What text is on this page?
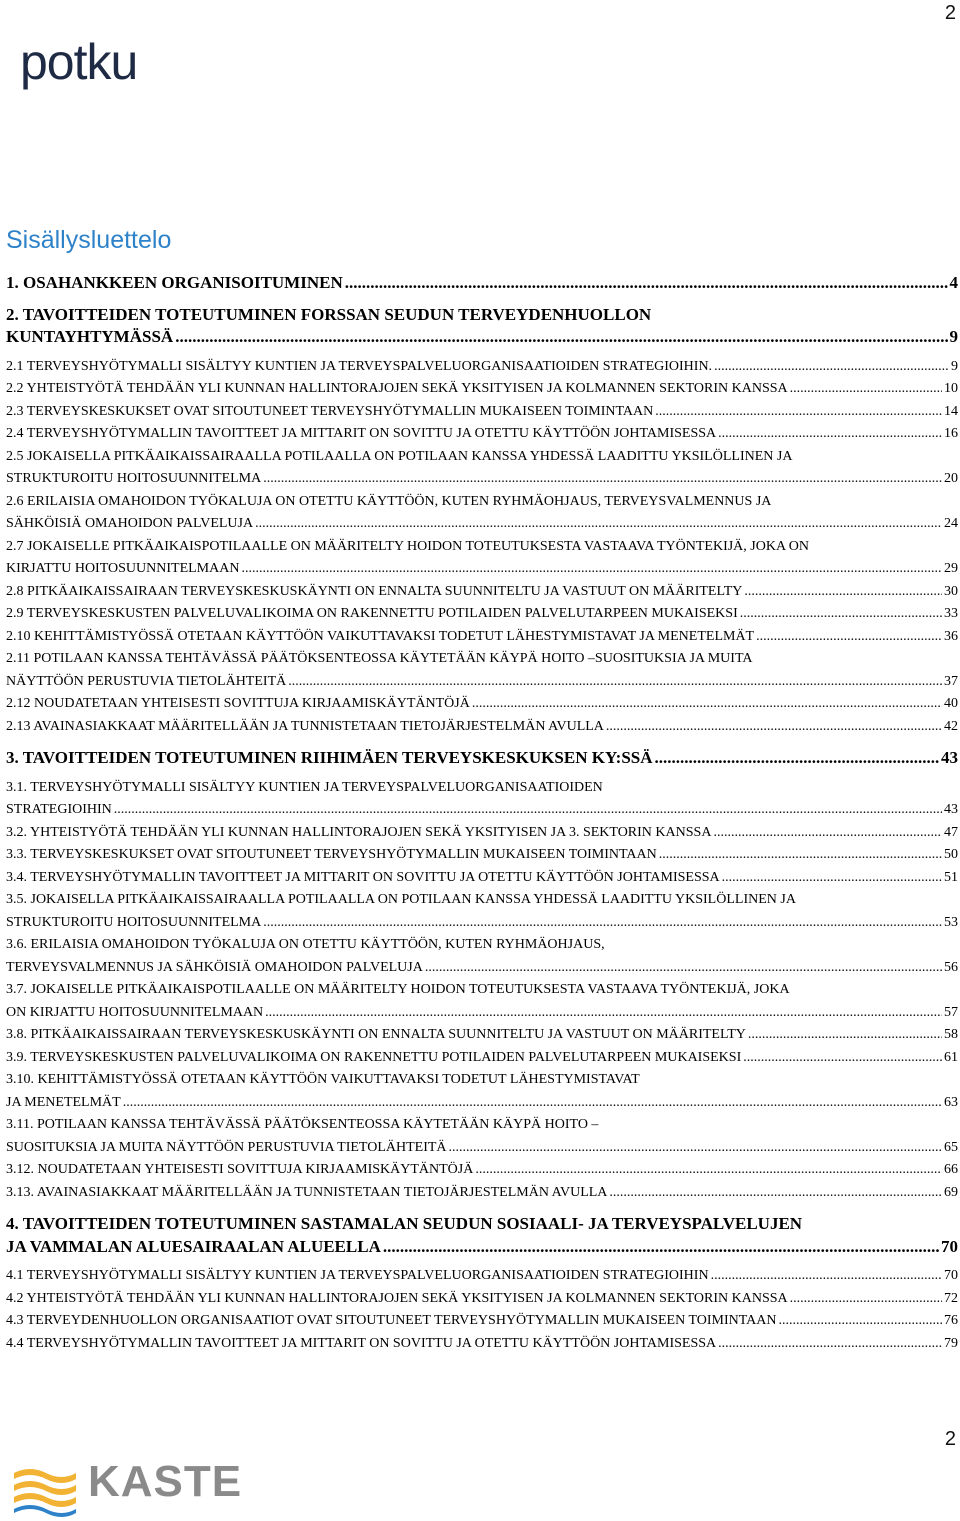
2
potku
Sisällysluettelo
1. OSAHANKKEEN ORGANISOITUMINEN .....	4
2. TAVOITTEIDEN TOTEUTUMINEN FORSSAN SEUDUN TERVEYDENHUOLLON
KUNTAYHTYMÄSSÄ .....	9
2.1 TERVEYSHYÖTYMALLI SISÄLTYY KUNTIEN JA TERVEYSPALVELUORGANISAATIOIDEN STRATEGIOIHIN. .....	9
2.2 YHTEISTYÖTÄ TEHDÄÄN YLI KUNNAN HALLINTORAJOJEN SEKÄ YKSITYISEN JA KOLMANNEN SEKTORIN KANSSA .....	10
2.3 TERVEYSKESKUKSET OVAT SITOUTUNEET TERVEYSHYÖTYMALLIN MUKAISEEN TOIMINTAAN .....	14
2.4 TERVEYSHYÖTYMALLIN TAVOITTEET JA MITTARIT ON SOVITTU JA OTETTU KÄYTTÖÖN JOHTAMISESSA .....	16
2.5 JOKAISELLA PITKÄAIKAISSAIRAALLA POTILAALLA ON POTILAAN KANSSA YHDESSÄ LAADITTU YKSILÖLLINEN JA
STRUKTUROITU HOITOSUUNNITELMA .....	20
2.6 ERILAISIA OMAHOIDON TYÖKALUJA ON OTETTU KÄYTTÖÖN, KUTEN RYHMÄOHJAUS, TERVEYSVALMENNUS JA
SÄHKÖISIÄ OMAHOIDON PALVELUJA .....	24
2.7 JOKAISELLE PITKÄAIKAISPOTILAALLE ON MÄÄRITELTY HOIDON TOTEUTUKSESTA VASTAAVA TYÖNTEKIJÄ, JOKA ON
KIRJATTU HOITOSUUNNITELMAAN .....	29
2.8 PITKÄAIKAISSAIRAAN TERVEYSKESKUSKÄYNTI ON ENNALTA SUUNNITELTU JA VASTUUT ON MÄÄRITELTY .....	30
2.9 TERVEYSKESKUSTEN PALVELUVALIKOIMA ON RAKENNETTU POTILAIDEN PALVELUTARPEEN MUKAISEKSI .....	33
2.10 KEHITTÄMISTYÖSSÄ OTETAAN KÄYTTÖÖN VAIKUTTAVAKSI TODETUT LÄHESTYMISTAVAT JA MENETELMÄT .....	36
2.11 POTILAAN KANSSA TEHTÄVÄSSÄ PÄÄTÖKSENTEOSSA KÄYTETÄÄN KÄYPÄ HOITO –SUOSITUKSIA JA MUITA
NÄYTTÖÖN PERUSTUVIA TIETOLÄHTEITÄ .....	37
2.12 NOUDATETAAN YHTEISESTI SOVITTUJA KIRJAAMISKÄYTÄNTÖJÄ .....	40
2.13 AVAINASIAKKAAT MÄÄRITELLÄÄN JA TUNNISTETAAN TIETOJÄRJESTELMÄN AVULLA .....	42
3. TAVOITTEIDEN TOTEUTUMINEN RIIHIMÄEN TERVEYSKESKUKSEN KY:SSÄ .....	43
3.1. TERVEYSHYÖTYMALLI SISÄLTYY KUNTIEN JA TERVEYSPALVELUORGANISAATIOIDEN
STRATEGIOIHIN .....	43
3.2. YHTEISTYÖTÄ TEHDÄÄN YLI KUNNAN HALLINTORAJOJEN SEKÄ YKSITYISEN JA 3. SEKTORIN KANSSA .....	47
3.3. TERVEYSKESKUKSET OVAT SITOUTUNEET TERVEYSHYÖTYMALLIN MUKAISEEN TOIMINTAAN .....	50
3.4. TERVEYSHYÖTYMALLIN TAVOITTEET JA MITTARIT ON SOVITTU JA OTETTU KÄYTTÖÖN JOHTAMISESSA .....	51
3.5. JOKAISELLA PITKÄAIKAISSAIRAALLA POTILAALLA ON POTILAAN KANSSA YHDESSÄ LAADITTU YKSILÖLLINEN JA
STRUKTUROITU HOITOSUUNNITELMA .....	53
3.6. ERILAISIA OMAHOIDON TYÖKALUJA ON OTETTU KÄYTTÖÖN, KUTEN RYHMÄOHJAUS,
TERVEYSVALMENNUS JA SÄHKÖISIÄ OMAHOIDON PALVELUJA .....	56
3.7. JOKAISELLE PITKÄAIKAISPOTILAALLE ON MÄÄRITELTY HOIDON TOTEUTUKSESTA VASTAAVA TYÖNTEKIJÄ, JOKA
ON KIRJATTU HOITOSUUNNITELMAAN .....	57
3.8. PITKÄAIKAISSAIRAAN TERVEYSKESKUSKÄYNTI ON ENNALTA SUUNNITELTU JA VASTUUT ON MÄÄRITELTY .....	58
3.9. TERVEYSKESKUSTEN PALVELUVALIKOIMA ON RAKENNETTU POTILAIDEN PALVELUTARPEEN MUKAISEKSI .....	61
3.10. KEHITTÄMISTYÖSSÄ OTETAAN KÄYTTÖÖN VAIKUTTAVAKSI TODETUT LÄHESTYMISTAVAT
JA MENETELMÄT .....	63
3.11. POTILAAN KANSSA TEHTÄVÄSSÄ PÄÄTÖKSENTEOSSA KÄYTETÄÄN KÄYPÄ HOITO –
SUOSITUKSIA JA MUITA NÄYTTÖÖN PERUSTUVIA TIETOLÄHTEITÄ .....	65
3.12. NOUDATETAAN YHTEISESTI SOVITTUJA KIRJAAMISKÄYTÄNTÖJÄ .....	66
3.13. AVAINASIAKKAAT MÄÄRITELLÄÄN JA TUNNISTETAAN TIETOJÄRJESTELMÄN AVULLA .....	69
4. TAVOITTEIDEN TOTEUTUMINEN SASTAMALAN SEUDUN SOSIAALI- JA TERVEYSPALVELUJEN
JA VAMMALAN ALUESAIRAALAN ALUEELLA .....	70
4.1 TERVEYSHYÖTYMALLI SISÄLTYY KUNTIEN JA TERVEYSPALVELUORGANISAATIOIDEN STRATEGIOIHIN .....	70
4.2 YHTEISTYÖTÄ TEHDÄÄN YLI KUNNAN HALLINTORAJOJEN SEKÄ YKSITYISEN JA KOLMANNEN SEKTORIN KANSSA .....	72
4.3 TERVEYDENHUOLLON ORGANISAATIOT OVAT SITOUTUNEET TERVEYSHYÖTYMALLIN MUKAISEEN TOIMINTAAN .....	76
4.4 TERVEYSHYÖTYMALLIN TAVOITTEET JA MITTARIT ON SOVITTU JA OTETTU KÄYTTÖÖN JOHTAMISESSA .....	79
2
KASTE
